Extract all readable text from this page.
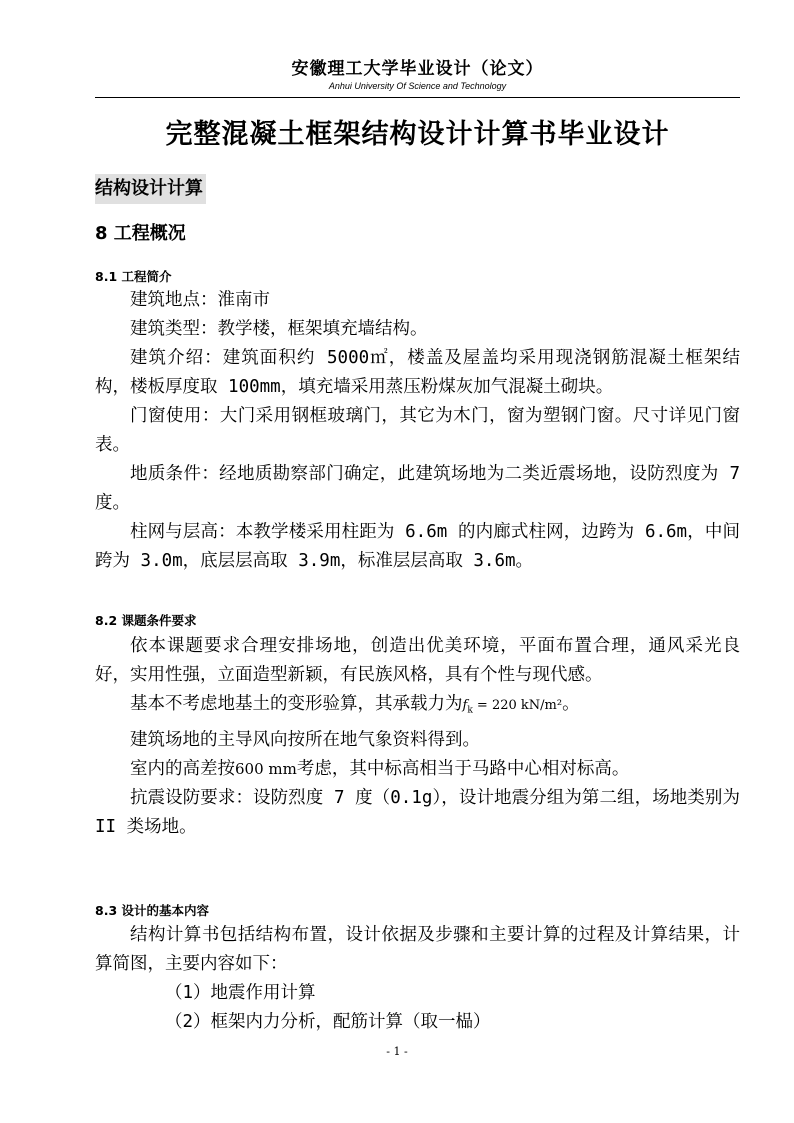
安徽理工大学毕业设计（论文）
Anhui University Of Science and Technology
完整混凝土框架结构设计计算书毕业设计
结构设计计算
8 工程概况
8.1 工程简介

建筑地点：淮南市

建筑类型：教学楼，框架填充墙结构。

建筑介绍：建筑面积约 5000㎡，楼盖及屋盖均采用现浇钢筋混凝土框架结构，楼板厚度取 100mm，填充墙采用蒸压粉煤灰加气混凝土砌块。

门窗使用：大门采用钢框玻璃门，其它为木门，窗为塑钢门窗。尺寸详见门窗表。

地质条件：经地质勘察部门确定，此建筑场地为二类近震场地，设防烈度为 7 度。

柱网与层高：本教学楼采用柱距为 6.6m 的内廊式柱网，边跨为 6.6m，中间跨为 3.0m，底层层高取 3.9m，标准层层高取 3.6m。

8.2 课题条件要求

依本课题要求合理安排场地，创造出优美环境，平面布置合理，通风采光良好，实用性强，立面造型新颖，有民族风格，具有个性与现代感。

基本不考虑地基土的变形验算，其承载力为$f_k = 220$ kN/m²。

建筑场地的主导风向按所在地气象资料得到。

室内的高差按600 mm考虑，其中标高相当于马路中心相对标高。

抗震设防要求：设防烈度 7 度（0.1g），设计地震分组为第二组，场地类别为 II 类场地。

8.3 设计的基本内容

结构计算书包括结构布置，设计依据及步骤和主要计算的过程及计算结果，计算简图，主要内容如下：

（1）地震作用计算

（2）框架内力分析，配筋计算（取一榀）

- 1 -
